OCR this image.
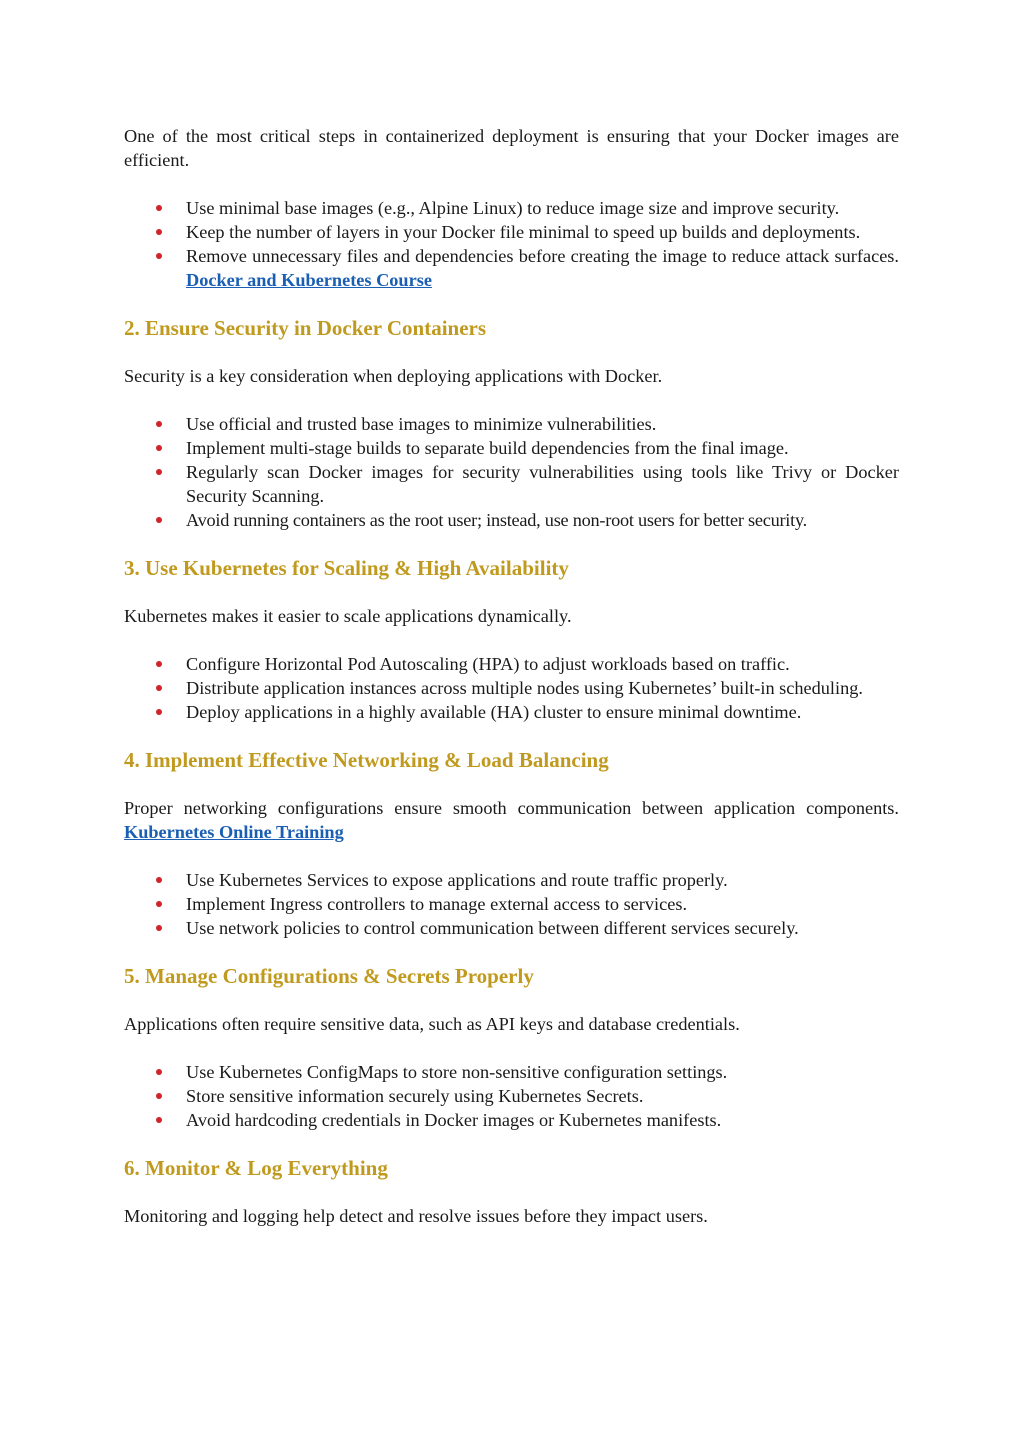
One of the most critical steps in containerized deployment is ensuring that your Docker images are efficient.

Use minimal base images (e.g., Alpine Linux) to reduce image size and improve security.
Keep the number of layers in your Docker file minimal to speed up builds and deployments.
Remove unnecessary files and dependencies before creating the image to reduce attack surfaces. Docker and Kubernetes Course
2. Ensure Security in Docker Containers

Security is a key consideration when deploying applications with Docker.

Use official and trusted base images to minimize vulnerabilities.
Implement multi-stage builds to separate build dependencies from the final image.
Regularly scan Docker images for security vulnerabilities using tools like Trivy or Docker Security Scanning.
Avoid running containers as the root user; instead, use non-root users for better security.
3. Use Kubernetes for Scaling & High Availability

Kubernetes makes it easier to scale applications dynamically.

Configure Horizontal Pod Autoscaling (HPA) to adjust workloads based on traffic.
Distribute application instances across multiple nodes using Kubernetes’ built-in scheduling.
Deploy applications in a highly available (HA) cluster to ensure minimal downtime.
4. Implement Effective Networking & Load Balancing

Proper networking configurations ensure smooth communication between application components. Kubernetes Online Training

Use Kubernetes Services to expose applications and route traffic properly.
Implement Ingress controllers to manage external access to services.
Use network policies to control communication between different services securely.
5. Manage Configurations & Secrets Properly

Applications often require sensitive data, such as API keys and database credentials.

Use Kubernetes ConfigMaps to store non-sensitive configuration settings.
Store sensitive information securely using Kubernetes Secrets.
Avoid hardcoding credentials in Docker images or Kubernetes manifests.
6. Monitor & Log Everything

Monitoring and logging help detect and resolve issues before they impact users.
